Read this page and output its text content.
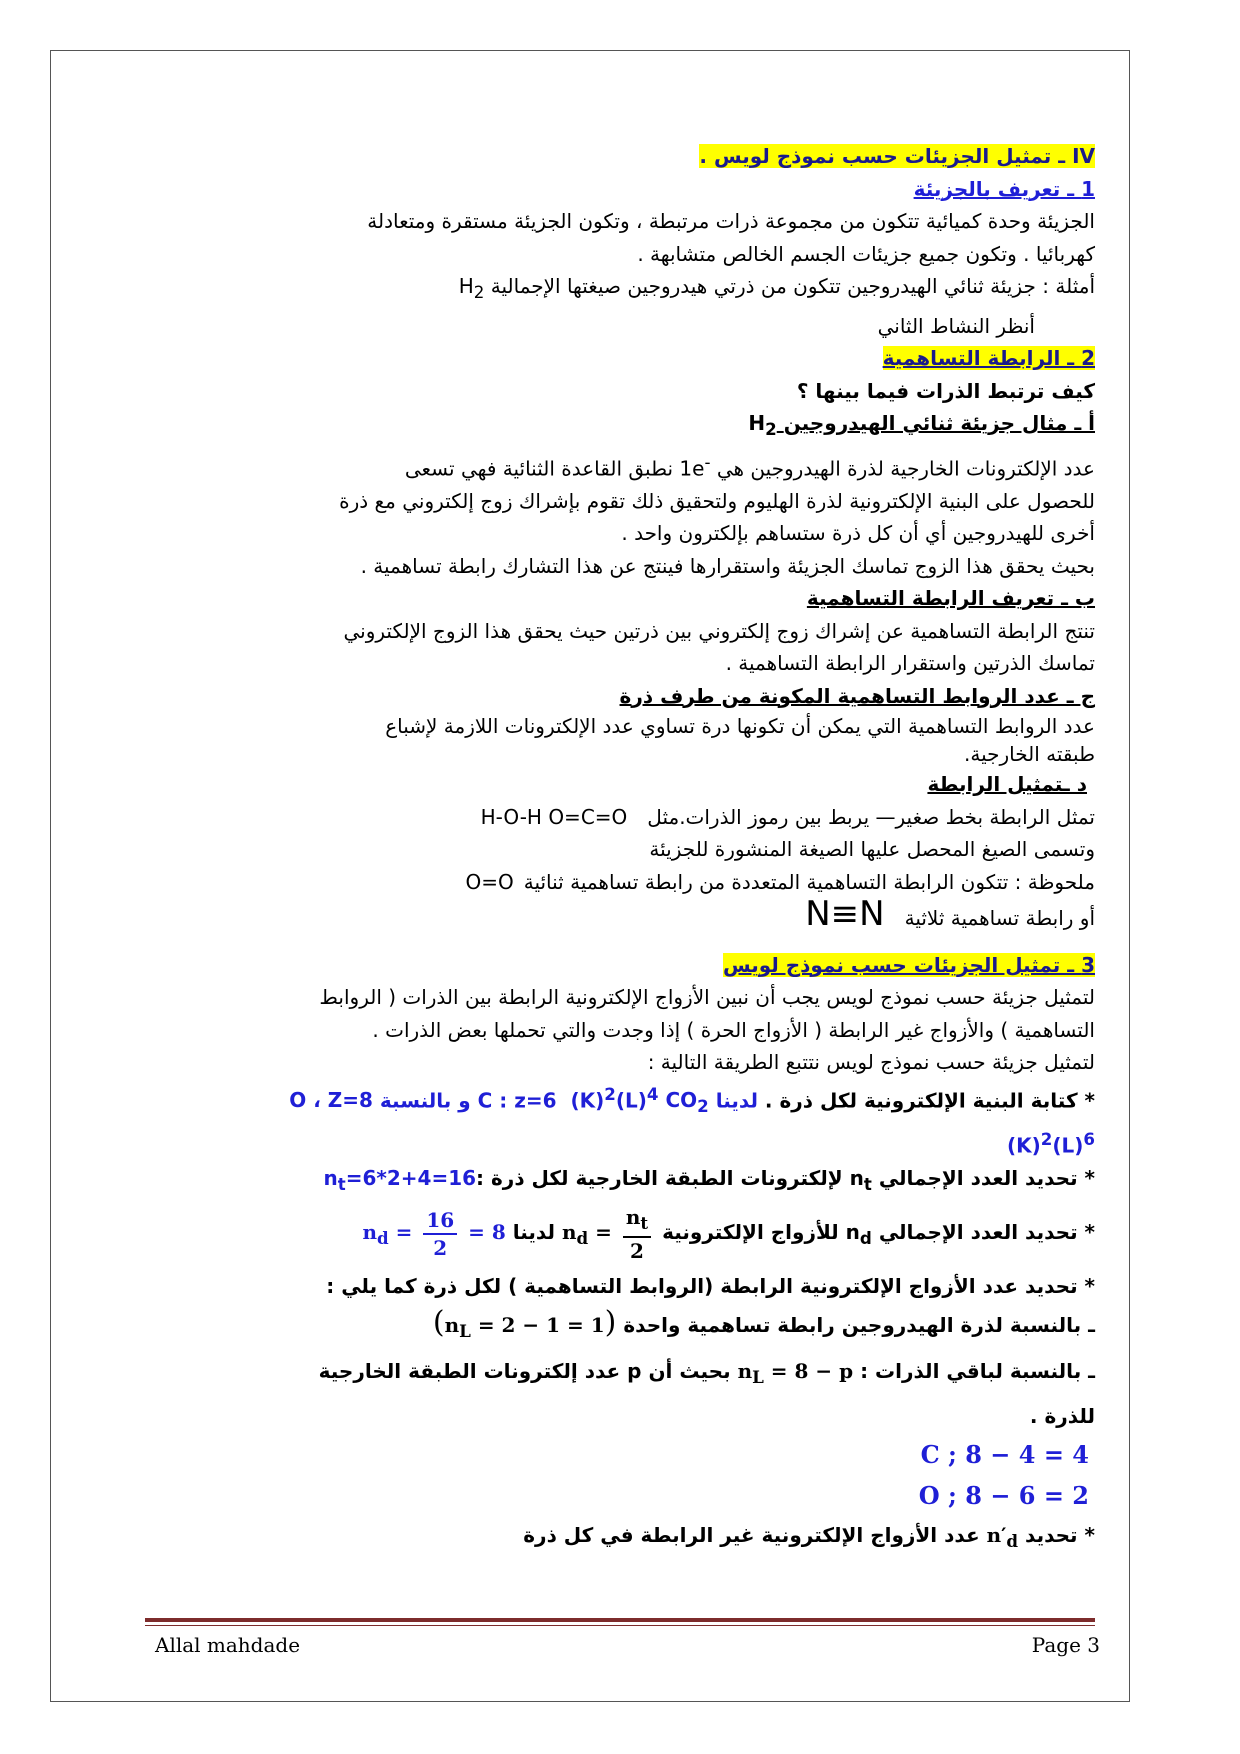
IV ـ تمثيل الجزيئات حسب نموذج لويس .

1 ـ تعريف بالجزيئة

الجزيئة وحدة كميائية تتكون من مجموعة ذرات مرتبطة ، وتكون الجزيئة مستقرة ومتعادلة

كهربائيا . وتكون جميع جزيئات الجسم الخالص متشابهة .

أمثلة : جزيئة ثنائي الهيدروجين تتكون من ذرتي هيدروجين صيغتها الإجمالية $H_2$

أنظر النشاط الثاني

2 ـ الرابطة التساهمية

كيف ترتبط الذرات فيما بينها ؟

أ ـ مثال جزيئة ثنائي الهيدروجين $H_2$

عدد الإلكترونات الخارجية لذرة الهيدروجين هي 1e- نطبق القاعدة الثنائية فهي تسعى

للحصول على البنية الإلكترونية لذرة الهليوم ولتحقيق ذلك تقوم بإشراك زوج إلكتروني مع ذرة

أخرى للهيدروجين أي أن كل ذرة ستساهم بإلكترون واحد .

بحيث يحقق هذا الزوج تماسك الجزيئة واستقرارها فينتج عن هذا التشارك رابطة تساهمية .

ب ـ تعريف الرابطة التساهمية

تنتج الرابطة التساهمية عن إشراك زوج إلكتروني بين ذرتين حيث يحقق هذا الزوج الإلكتروني

تماسك الذرتين واستقرار الرابطة التساهمية .

ج ـ عدد الروابط التساهمية المكونة من طرف ذرة

عدد الروابط التساهمية التي يمكن أن تكونها درة تساوي عدد الإلكترونات اللازمة لإشباع

طبقته الخارجية.

د ـتمثيل الرابطة

تمثل الرابطة بخط صغير— يربط بين رموز الذرات.مثلH-O-H O=C=O

وتسمى الصيغ المحصل عليها الصيغة المنشورة للجزيئة

ملحوظة : تتكون الرابطة التساهمية المتعددة من رابطة تساهمية ثنائيةO=O

أو رابطة تساهمية ثلاثيةN≡N

3 ـ تمثيل الجزيئات حسب نموذج لويس

لتمثيل جزيئة حسب نموذج لويس يجب أن نبين الأزواج الإلكترونية الرابطة بين الذرات ( الروابط

التساهمية ) والأزواج غير الرابطة ( الأزواج الحرة ) إذا وجدت والتي تحملها بعض الذرات .

لتمثيل جزيئة حسب نموذج لويس نتتبع الطريقة التالية :

* كتابة البنية الإلكترونية لكل ذرة . لدينا $CO_2$ C : z=6 $(K)^2(L)^4$ و بالنسبة O ، Z=8

$(K)^2(L)^6$

* تحديد العدد الإجمالي $n_t$ لإلكترونات الطبقة الخارجية لكل ذرة $:n_t=6*2+4=16$

* تحديد العدد الإجمالي $n_d$ للأزواج الإلكترونية $n_d = \frac{n_t}{2}$
لدينا $n_d = \frac{16}{2} = 8$

* تحديد عدد الأزواج الإلكترونية الرابطة (الروابط التساهمية ) لكل ذرة كما يلي :

ـ بالنسبة لذرة الهيدروجين رابطة تساهمية واحدة $(n_L = 2 - 1 = 1)$

ـ بالنسبة لباقي الذرات : $n_L = 8 - p$ بحيث أن p عدد إلكترونات الطبقة الخارجية

للذرة .

C ; 8 − 4 = 4

O ; 8 − 6 = 2

* تحديد $n'_d$ عدد الأزواج الإلكترونية غير الرابطة في كل ذرة

Allal mahdade	Page 3
